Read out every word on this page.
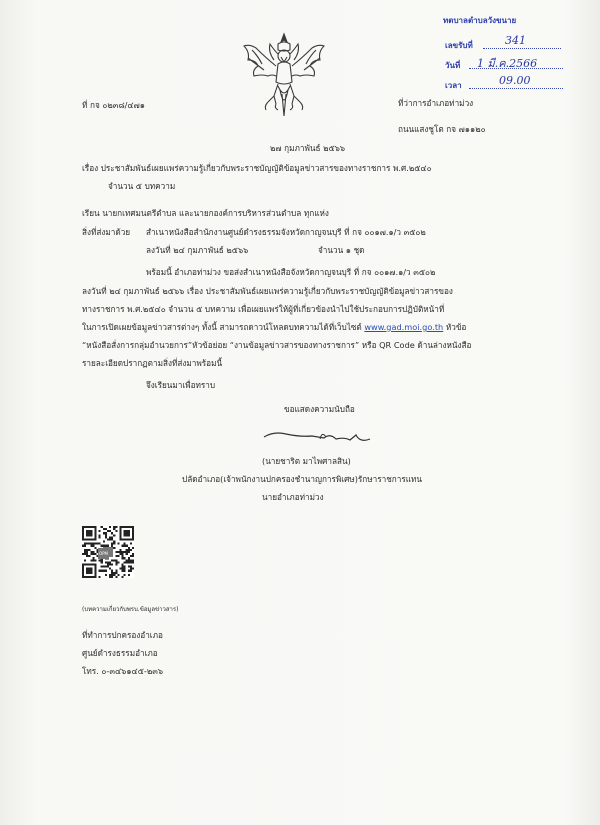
ทตบาลตำบลวังขนาย
เลขรับที่	341
วันที่ 1 มี.ค.2566
เวลา	09.00
ที่ กจ ๐๒๓๘/๔๗๑	ที่ว่าการอำเภอท่าม่วง
ถนนแสงชูโต กจ ๗๑๑๒๐
๒๗ กุมภาพันธ์ ๒๕๖๖
เรื่อง ประชาสัมพันธ์เผยแพร่ความรู้เกี่ยวกับพระราชบัญญัติข้อมูลข่าวสารของทางราชการ พ.ศ.๒๕๔๐
จำนวน ๕ บทความ
เรียน นายกเทศมนตรีตำบล และนายกองค์การบริหารส่วนตำบล ทุกแห่ง
สิ่งที่ส่งมาด้วย สำเนาหนังสือสำนักงานศูนย์ดำรงธรรมจังหวัดกาญจนบุรี ที่ กจ ๐๐๑๗.๑/ว ๓๕๐๒
ลงวันที่ ๒๔ กุมภาพันธ์ ๒๕๖๖	จำนวน ๑ ชุด
พร้อมนี้ อำเภอท่าม่วง ขอส่งสำเนาหนังสือจังหวัดกาญจนบุรี ที่ กจ ๐๐๑๗.๑/ว ๓๕๐๒
ลงวันที่ ๒๔ กุมภาพันธ์ ๒๕๖๖ เรื่อง ประชาสัมพันธ์เผยแพร่ความรู้เกี่ยวกับพระราชบัญญัติข้อมูลข่าวสารของ
ทางราชการ พ.ศ.๒๕๔๐ จำนวน ๕ บทความ เพื่อเผยแพร่ให้ผู้ที่เกี่ยวข้องนำไปใช้ประกอบการปฏิบัติหน้าที่
ในการเปิดเผยข้อมูลข่าวสารต่างๆ ทั้งนี้ สามารถดาวน์โหลดบทความได้ที่เว็บไซต์ www.gad.moi.go.th หัวข้อ
“หนังสือสั่งการกลุ่มอำนวยการ”หัวข้อย่อย “งานข้อมูลข่าวสารของทางราชการ” หรือ QR Code ด้านล่างหนังสือ
รายละเอียดปรากฏตามสิ่งที่ส่งมาพร้อมนี้
จึงเรียนมาเพื่อทราบ
ขอแสดงความนับถือ
(นายชาริต มาไพศาลสิน)
ปลัดอำเภอ(เจ้าพนักงานปกครองชำนาญการพิเศษ)รักษาราชการแทน
นายอำเภอท่าม่วง
OPM
(บทความเกี่ยวกับพรบ.ข้อมูลข่าวสาร)
ที่ทำการปกครองอำเภอ
ศูนย์ดำรงธรรมอำเภอ
โทร. ๐-๓๔๖๑๔๕-๒๓๖
